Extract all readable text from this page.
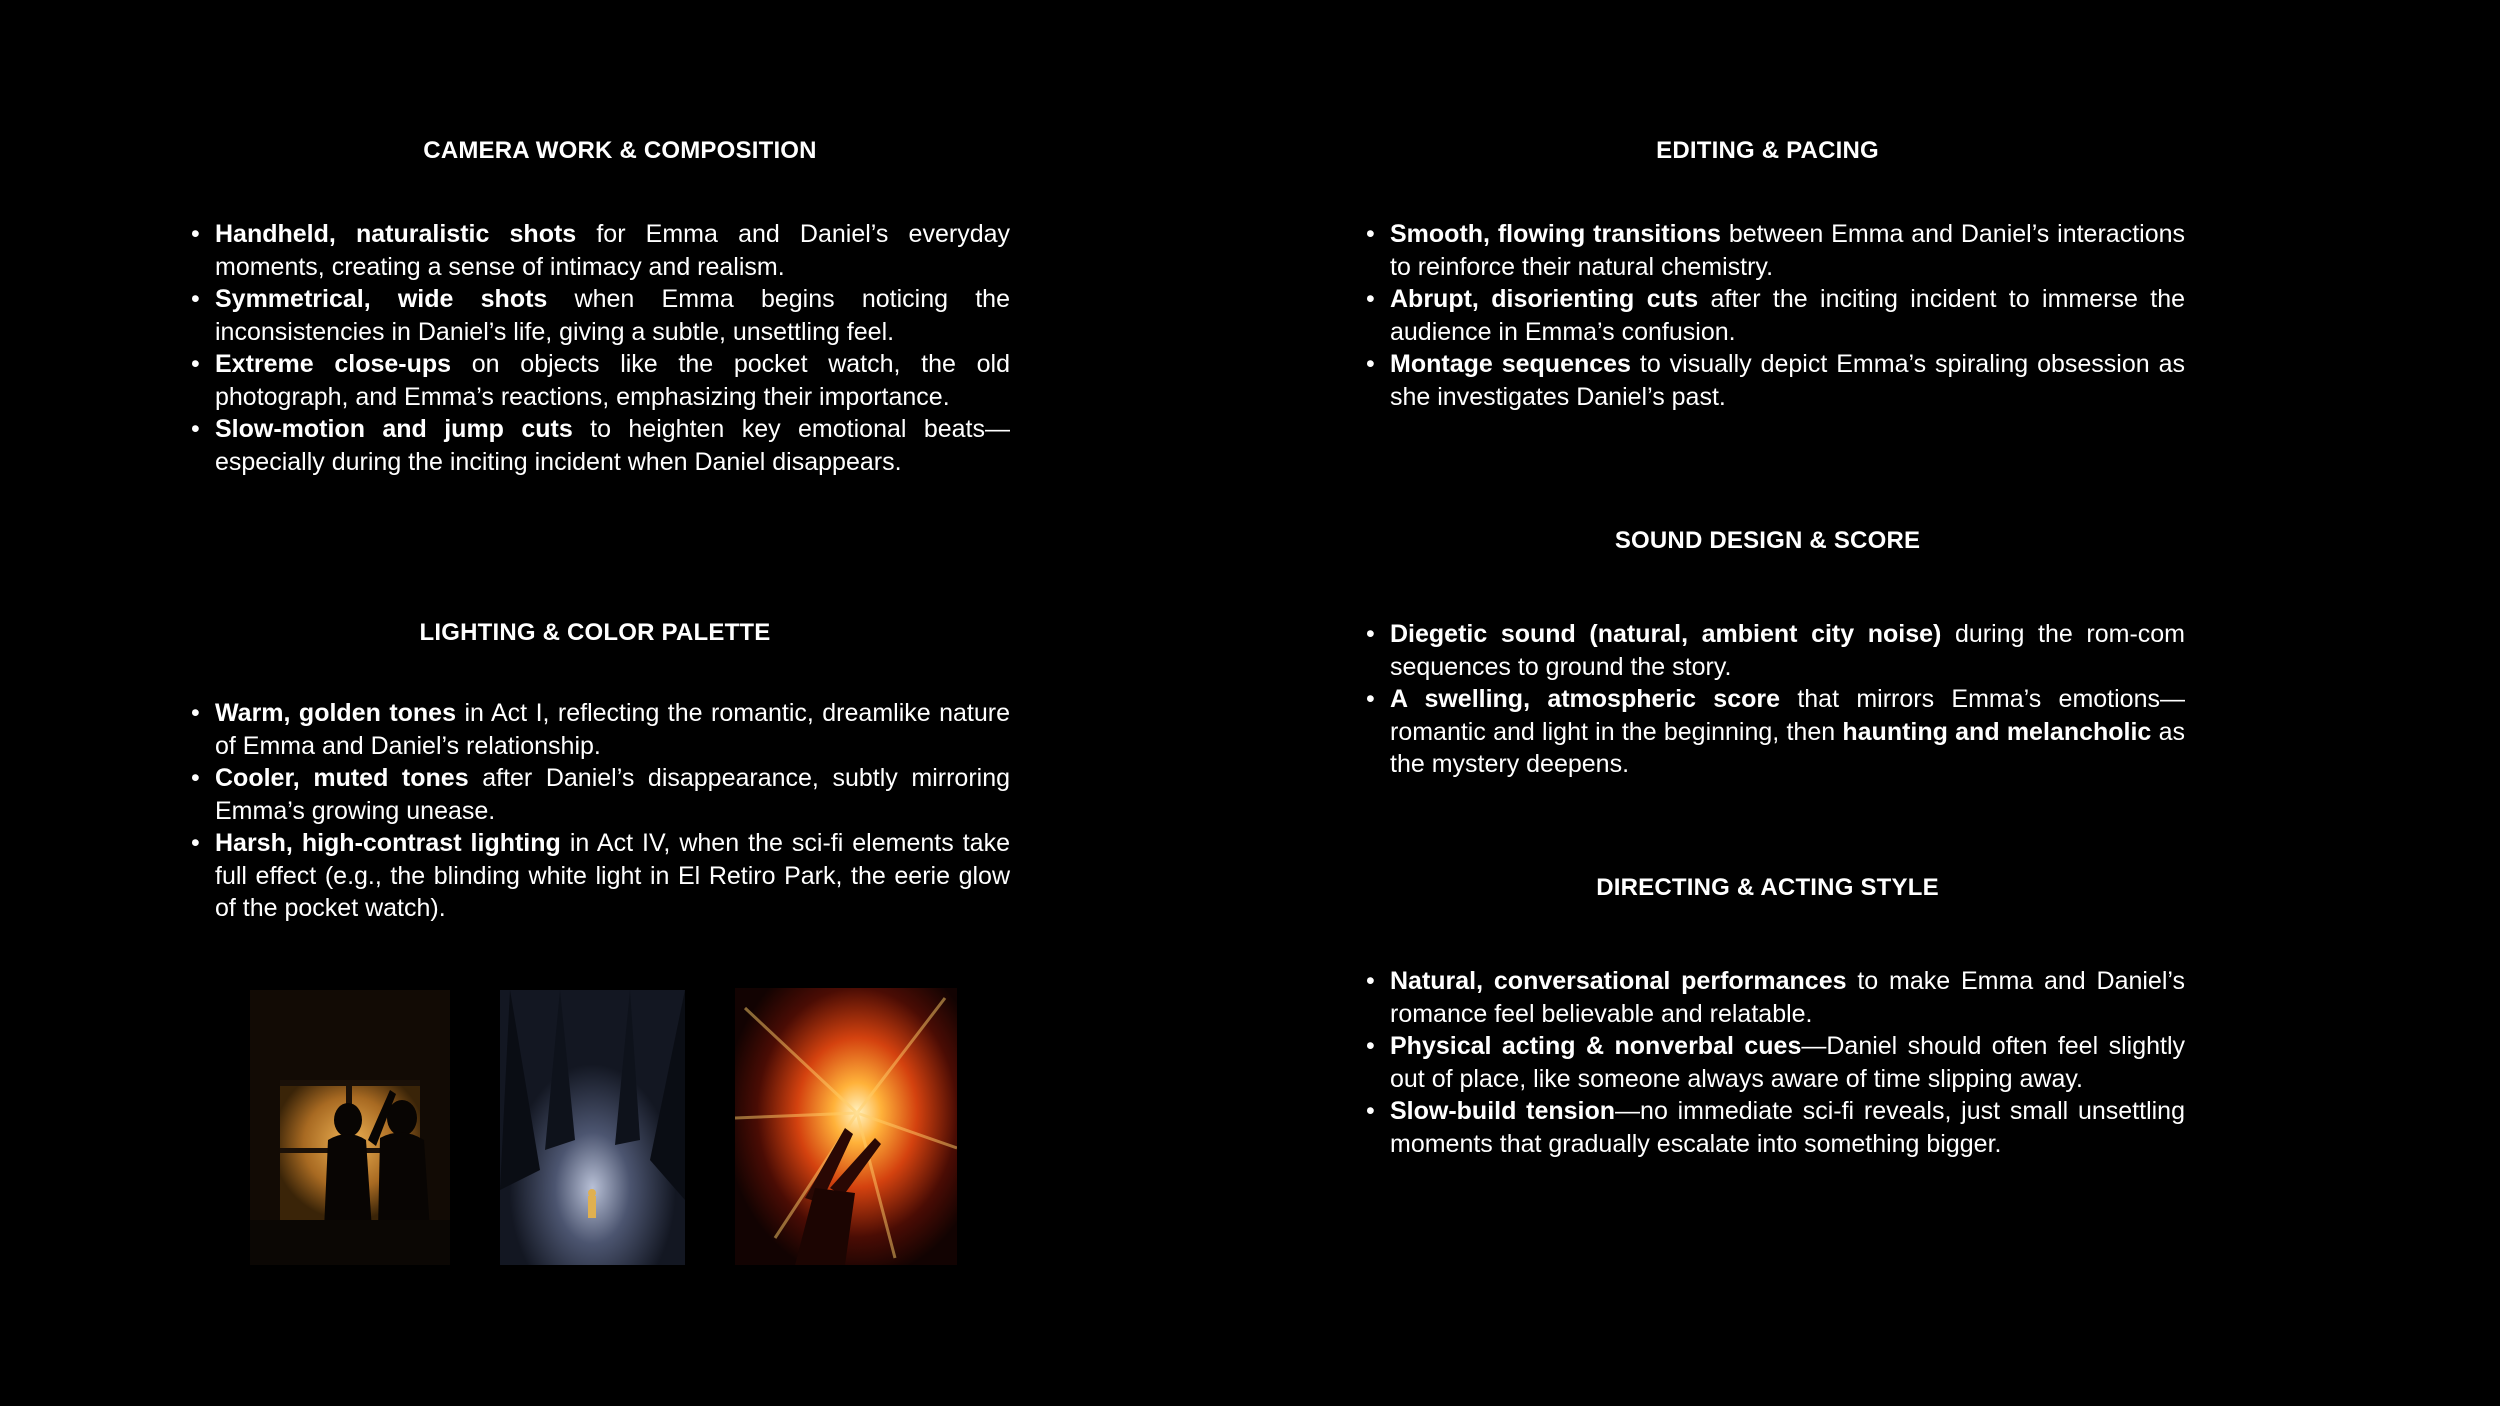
CAMERA WORK & COMPOSITION
• Handheld, naturalistic shots for Emma and Daniel’s everyday moments, creating a sense of intimacy and realism.
• Symmetrical, wide shots when Emma begins noticing the inconsistencies in Daniel’s life, giving a subtle, unsettling feel.
• Extreme close-ups on objects like the pocket watch, the old photograph, and Emma’s reactions, emphasizing their importance.
• Slow-motion and jump cuts to heighten key emotional beats—especially during the inciting incident when Daniel disappears.
LIGHTING & COLOR PALETTE
• Warm, golden tones in Act I, reflecting the romantic, dreamlike nature of Emma and Daniel’s relationship.
• Cooler, muted tones after Daniel’s disappearance, subtly mirroring Emma’s growing unease.
• Harsh, high-contrast lighting in Act IV, when the sci-fi elements take full effect (e.g., the blinding white light in El Retiro Park, the eerie glow of the pocket watch).
EDITING & PACING
• Smooth, flowing transitions between Emma and Daniel’s interactions to reinforce their natural chemistry.
• Abrupt, disorienting cuts after the inciting incident to immerse the audience in Emma’s confusion.
• Montage sequences to visually depict Emma’s spiraling obsession as she investigates Daniel’s past.
SOUND DESIGN & SCORE
• Diegetic sound (natural, ambient city noise) during the rom-com sequences to ground the story.
• A swelling, atmospheric score that mirrors Emma’s emotions—romantic and light in the beginning, then haunting and melancholic as the mystery deepens.
DIRECTING & ACTING STYLE
• Natural, conversational performances to make Emma and Daniel’s romance feel believable and relatable.
• Physical acting & nonverbal cues—Daniel should often feel slightly out of place, like someone always aware of time slipping away.
• Slow-build tension—no immediate sci-fi reveals, just small unsettling moments that gradually escalate into something bigger.
